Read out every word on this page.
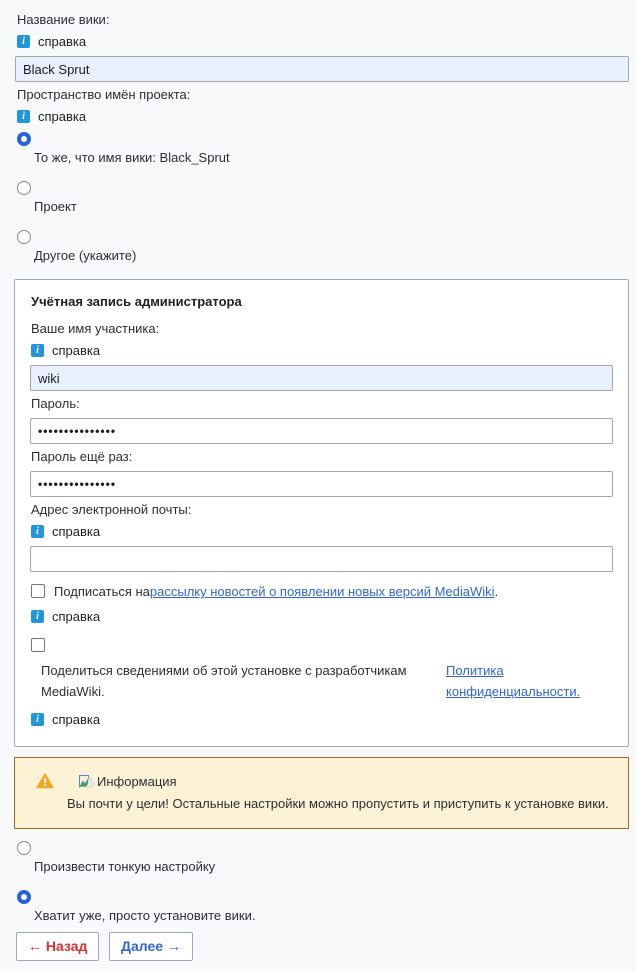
Название вики:
i	справка
Black Sprut
Пространство имён проекта:
i	справка
То же, что имя вики: Black_Sprut
Проект
Другое (укажите)
Учётная запись администратора
Ваше имя участника:
i	справка
wiki
Пароль:
•••••••••••••••
Пароль ещё раз:
•••••••••••••••
Адрес электронной почты:
i	справка
Подписаться нарассылку новостей о появлении новых версий MediaWiki.
i	справка
Поделиться сведениями об этой установке с разработчикам MediaWiki.
Политика конфиденциальности.
i	справка
Информация
Вы почти у цели! Остальные настройки можно пропустить и приступить к установке вики.
Произвести тонкую настройку
Хватит уже, просто установите вики.
← Назад Далее →
